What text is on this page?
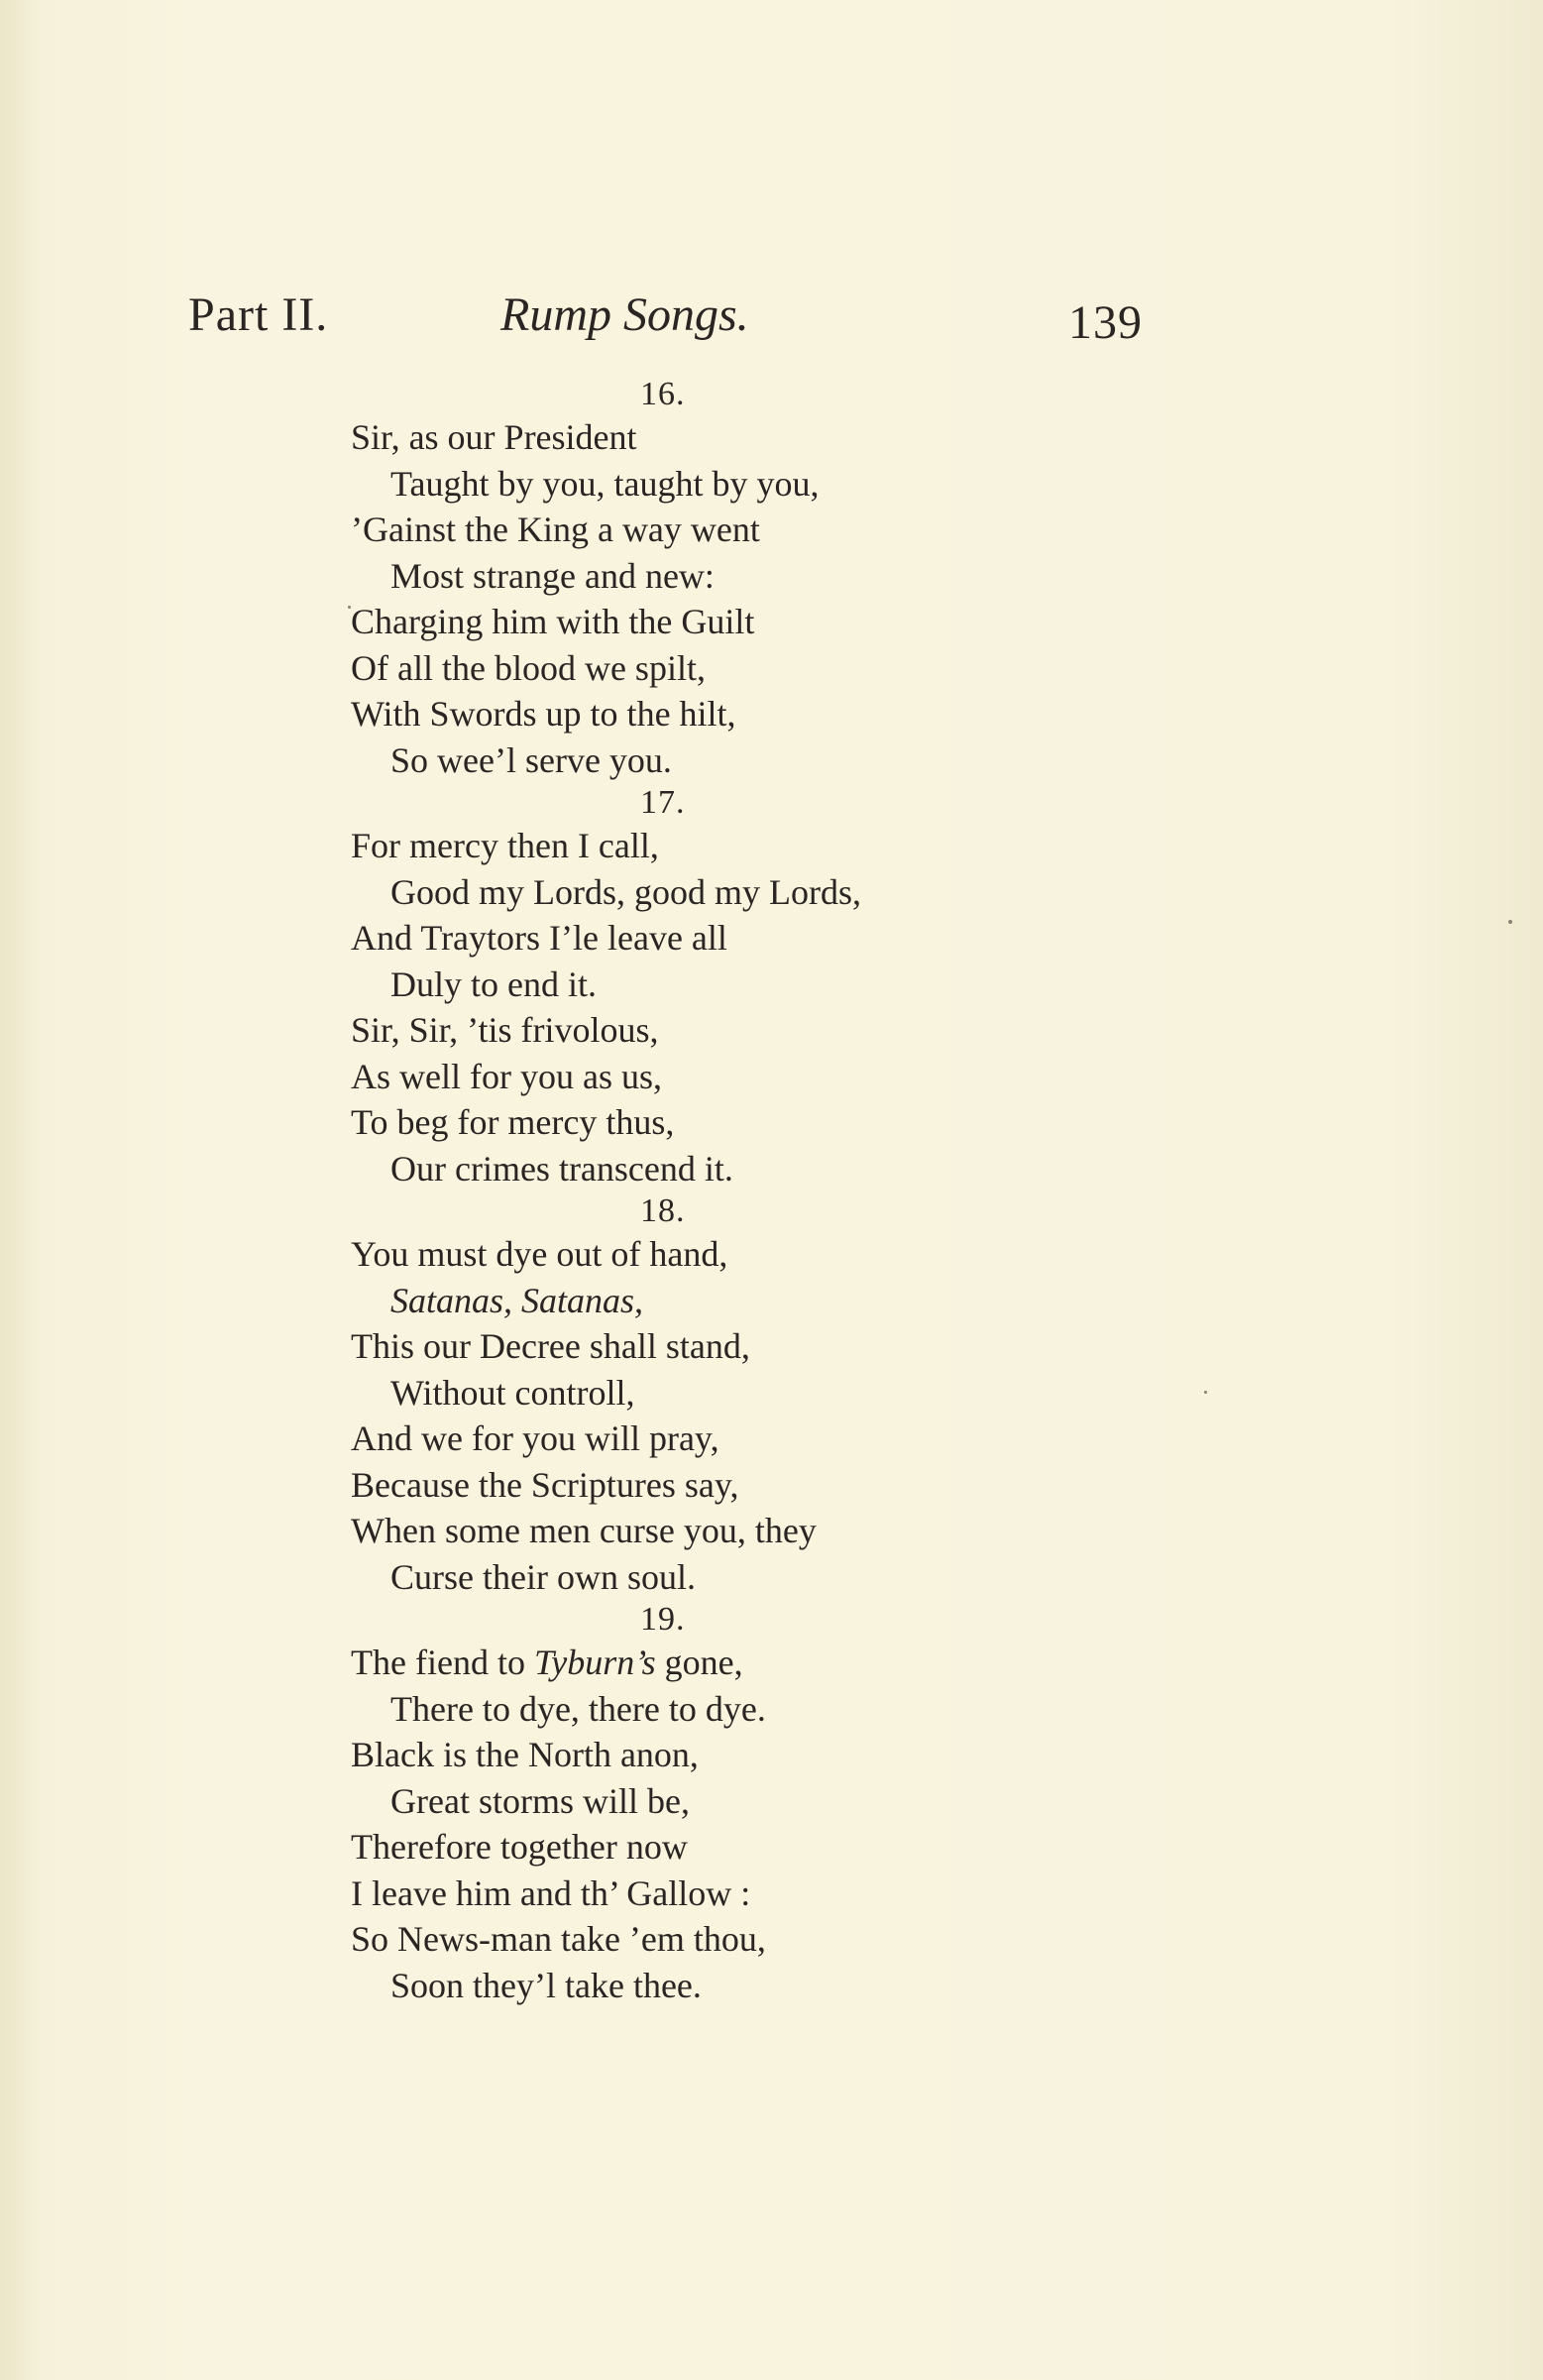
Part II.	Rump Songs.	139
16.
Sir, as our President
Taught by you, taught by you,
’Gainst the King a way went
Most strange and new:
Charging him with the Guilt
Of all the blood we spilt,
With Swords up to the hilt,
So wee’l serve you.
17.
For mercy then I call,
Good my Lords, good my Lords,
And Traytors I’le leave all
Duly to end it.
Sir, Sir, ’tis frivolous,
As well for you as us,
To beg for mercy thus,
Our crimes transcend it.
18.
You must dye out of hand,
Satanas, Satanas,
This our Decree shall stand,
Without controll,
And we for you will pray,
Because the Scriptures say,
When some men curse you, they
Curse their own soul.
19.
The fiend to Tyburn’s gone,
There to dye, there to dye.
Black is the North anon,
Great storms will be,
Therefore together now
I leave him and th’ Gallow :
So News-man take ’em thou,
Soon they’l take thee.
